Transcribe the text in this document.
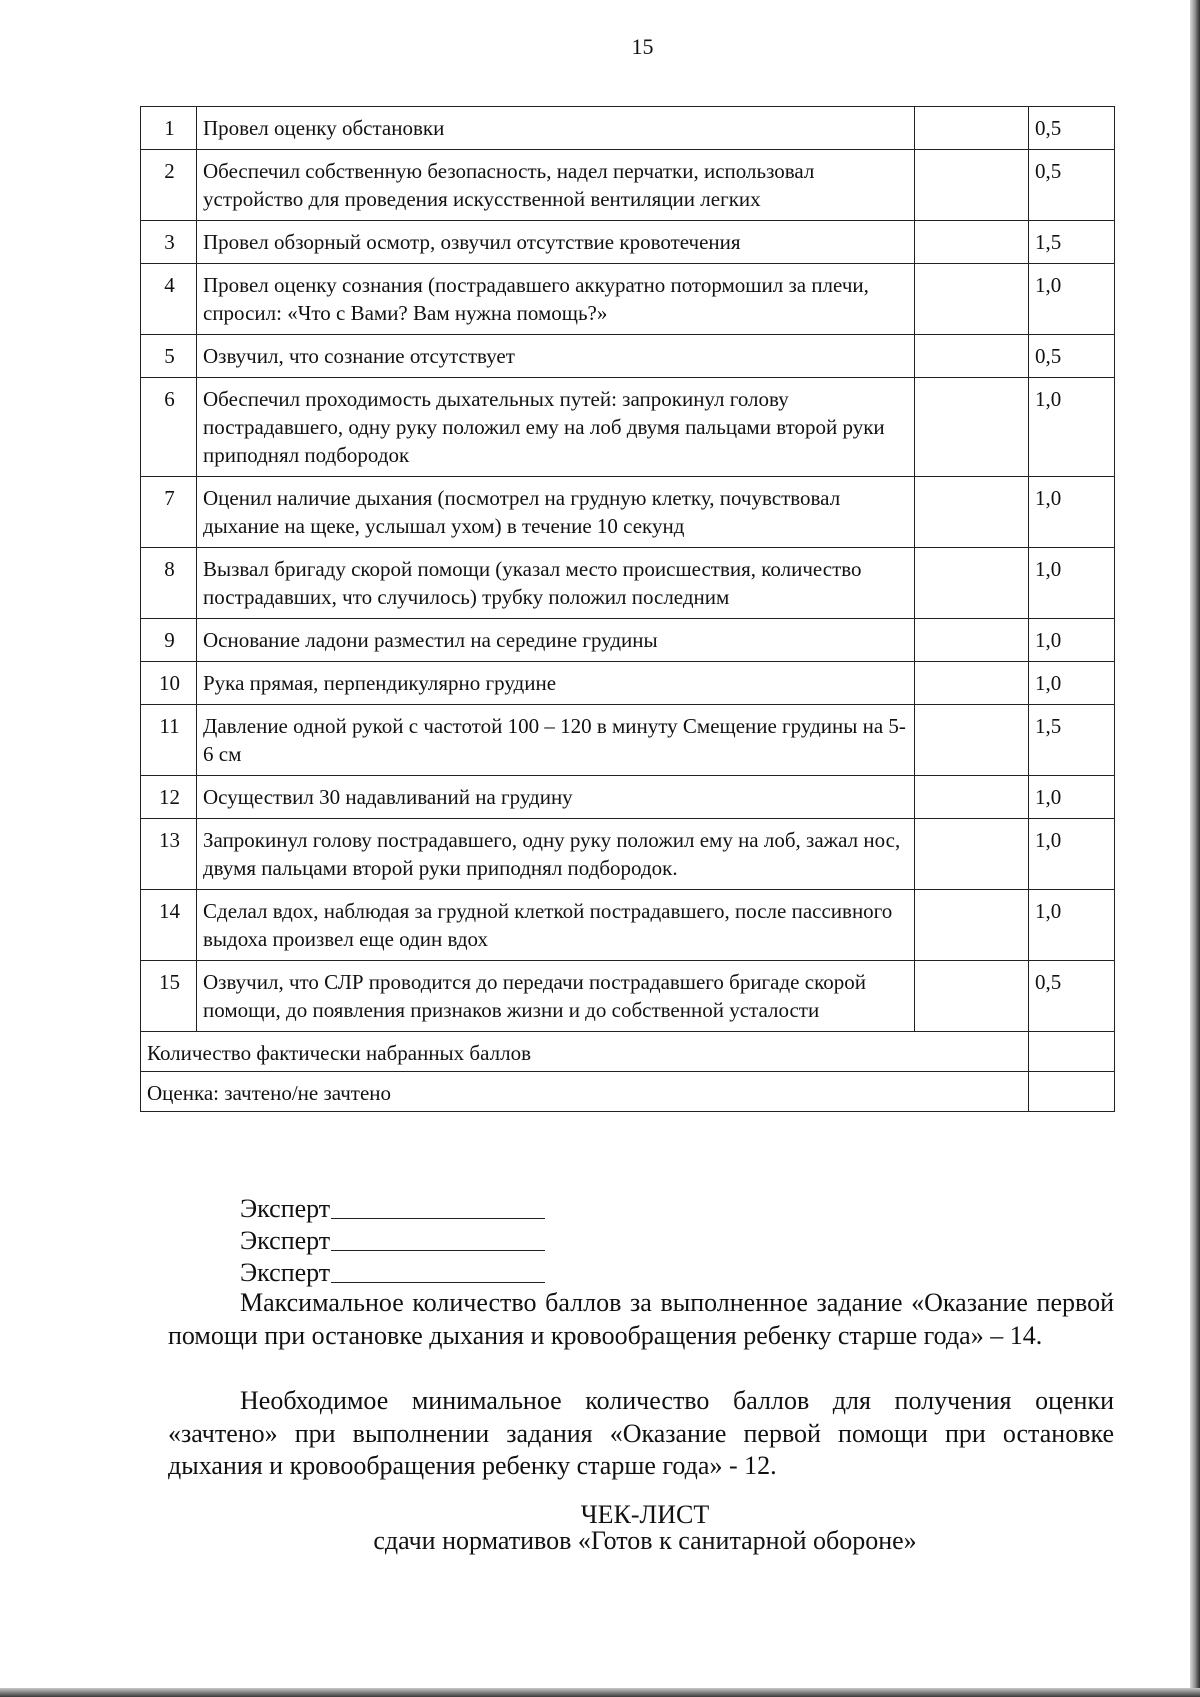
15
1	Провел оценку обстановки		0,5
2	Обеспечил собственную безопасность, надел перчатки, использовал устройство для проведения искусственной вентиляции легких		0,5
3	Провел обзорный осмотр, озвучил отсутствие кровотечения		1,5
4	Провел оценку сознания (пострадавшего аккуратно потормошил за плечи, спросил: «Что с Вами? Вам нужна помощь?»		1,0
5	Озвучил, что сознание отсутствует		0,5
6	Обеспечил проходимость дыхательных путей: запрокинул голову пострадавшего, одну руку положил ему на лоб двумя пальцами второй руки приподнял подбородок		1,0
7	Оценил наличие дыхания (посмотрел на грудную клетку, почувствовал дыхание на щеке, услышал ухом) в течение 10 секунд		1,0
8	Вызвал бригаду скорой помощи (указал место происшествия, количество пострадавших, что случилось) трубку положил последним		1,0
9	Основание ладони разместил на середине грудины		1,0
10	Рука прямая, перпендикулярно грудине		1,0
11	Давление одной рукой с частотой 100 – 120 в минуту Смещение грудины на 5-6 см		1,5
12	Осуществил 30 надавливаний на грудину		1,0
13	Запрокинул голову пострадавшего, одну руку положил ему на лоб, зажал нос, двумя пальцами второй руки приподнял подбородок.		1,0
14	Сделал вдох, наблюдая за грудной клеткой пострадавшего, после пассивного выдоха произвел еще один вдох		1,0
15	Озвучил, что СЛР проводится до передачи пострадавшего бригаде скорой помощи, до появления признаков жизни и до собственной усталости		0,5
Количество фактически набранных баллов			
Оценка: зачтено/не зачтено			
Эксперт
Эксперт
Эксперт

Максимальное количество баллов за выполненное задание «Оказание первой помощи при остановке дыхания и кровообращения ребенку старше года» – 14.

Необходимое минимальное количество баллов для получения оценки «зачтено» при выполнении задания «Оказание первой помощи при остановке дыхания и кровообращения ребенку старше года» - 12.

ЧЕК-ЛИСТ
сдачи нормативов «Готов к санитарной обороне»
